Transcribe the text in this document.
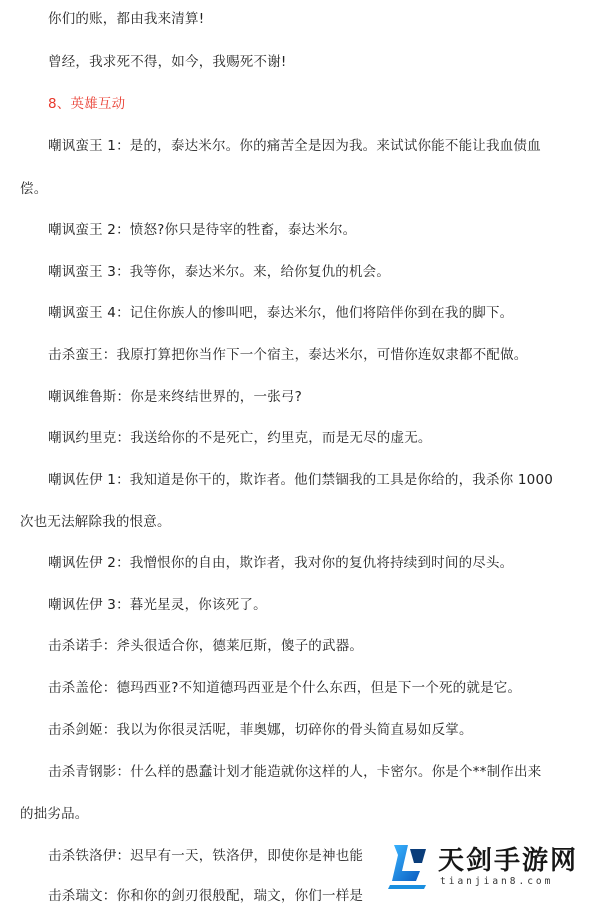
你们的账，都由我来清算!
曾经，我求死不得，如今，我赐死不谢!
8、英雄互动
嘲讽蛮王 1：是的，泰达米尔。你的痛苦全是因为我。来试试你能不能让我血债血
偿。
嘲讽蛮王 2：愤怒?你只是待宰的牲畜，泰达米尔。
嘲讽蛮王 3：我等你，泰达米尔。来，给你复仇的机会。
嘲讽蛮王 4：记住你族人的惨叫吧，泰达米尔，他们将陪伴你到在我的脚下。
击杀蛮王：我原打算把你当作下一个宿主，泰达米尔，可惜你连奴隶都不配做。
嘲讽维鲁斯：你是来终结世界的，一张弓?
嘲讽约里克：我送给你的不是死亡，约里克，而是无尽的虚无。
嘲讽佐伊 1：我知道是你干的，欺诈者。他们禁锢我的工具是你给的，我杀你 1000
次也无法解除我的恨意。
嘲讽佐伊 2：我憎恨你的自由，欺诈者，我对你的复仇将持续到时间的尽头。
嘲讽佐伊 3：暮光星灵，你该死了。
击杀诺手：斧头很适合你，德莱厄斯，傻子的武器。
击杀盖伦：德玛西亚?不知道德玛西亚是个什么东西，但是下一个死的就是它。
击杀剑姬：我以为你很灵活呢，菲奥娜，切碎你的骨头简直易如反掌。
击杀青钢影：什么样的愚蠢计划才能造就你这样的人，卡密尔。你是个**制作出来
的拙劣品。
击杀铁洛伊：迟早有一天，铁洛伊，即使你是神也能
击杀瑞文：你和你的剑刃很般配，瑞文，你们一样是
天剑手游网
tianjian8.com
